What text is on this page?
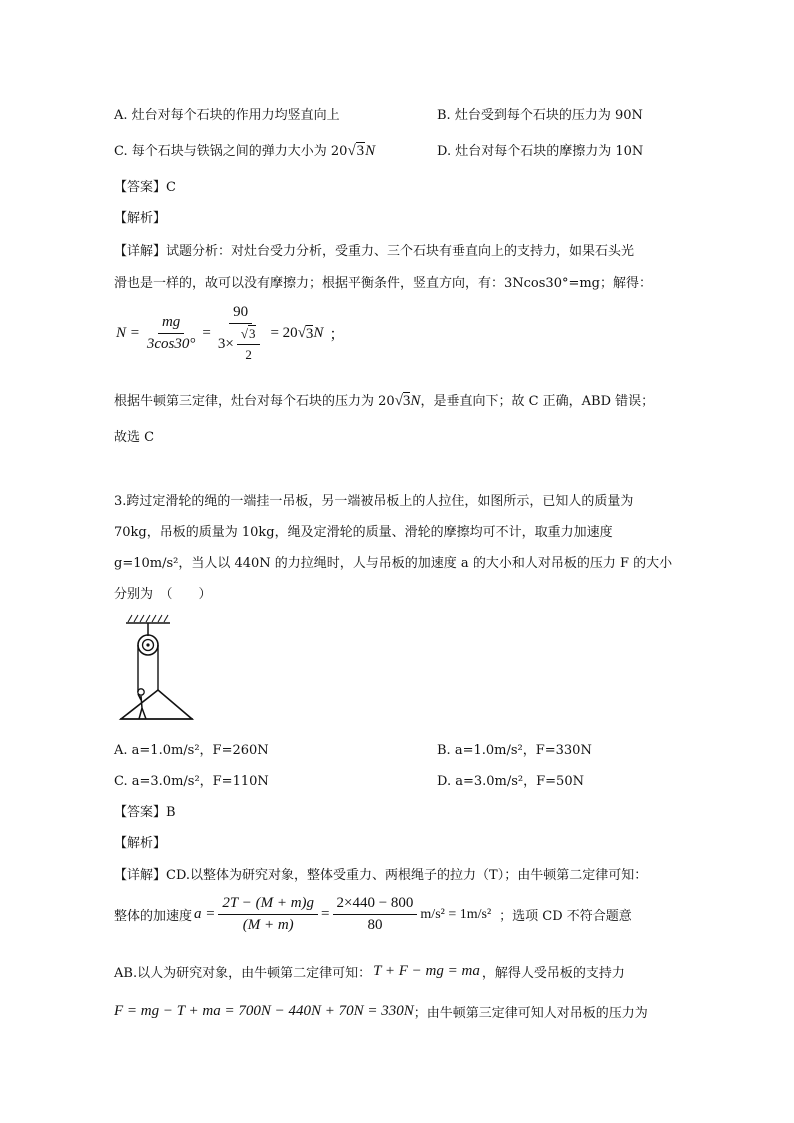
A. 灶台对每个石块的作用力均竖直向上	B. 灶台受到每个石块的压力为 90N
C. 每个石块与铁锅之间的弹力大小为 20√3N	D. 灶台对每个石块的摩擦力为 10N
【答案】C
【解析】
【详解】试题分析：对灶台受力分析，受重力、三个石块有垂直向上的支持力，如果石头光
滑也是一样的，故可以没有摩擦力；根据平衡条件，竖直方向，有：3Ncos30°=mg；解得：
$N = \frac{mg}{3\cos 30^\circ} = \frac{90}{3\times \frac{√3}{2}} = 20$ √ 3 N ；
根据牛顿第三定律，灶台对每个石块的压力为 20√3N，是垂直向下；故 C 正确，ABD 错误；
故选 C
3.跨过定滑轮的绳的一端挂一吊板，另一端被吊板上的人拉住，如图所示，已知人的质量为
70kg，吊板的质量为 10kg，绳及定滑轮的质量、滑轮的摩擦均可不计，取重力加速度
g=10m/s²，当人以 440N 的力拉绳时，人与吊板的加速度 a 的大小和人对吊板的压力 F 的大小
分别为　（　　）
A. a=1.0m/s²，F=260N	B. a=1.0m/s²，F=330N
C. a=3.0m/s²，F=110N	D. a=3.0m/s²，F=50N
【答案】B
【解析】
【详解】CD.以整体为研究对象，整体受重力、两根绳子的拉力（T）；由牛顿第二定律可知：
整体的加速度 $a = \frac{2T - (M + m)g}{(M + m)} = \frac{2\times 440 - 800}{80} m/s^2 = 1m/s^2$ ；选项 CD 不符合题意
AB.以人为研究对象，由牛顿第二定律可知： T + F − mg = ma ，解得人受吊板的支持力
F = mg − T + ma = 700N − 440N + 70N = 330N ；由牛顿第三定律可知人对吊板的压力为
